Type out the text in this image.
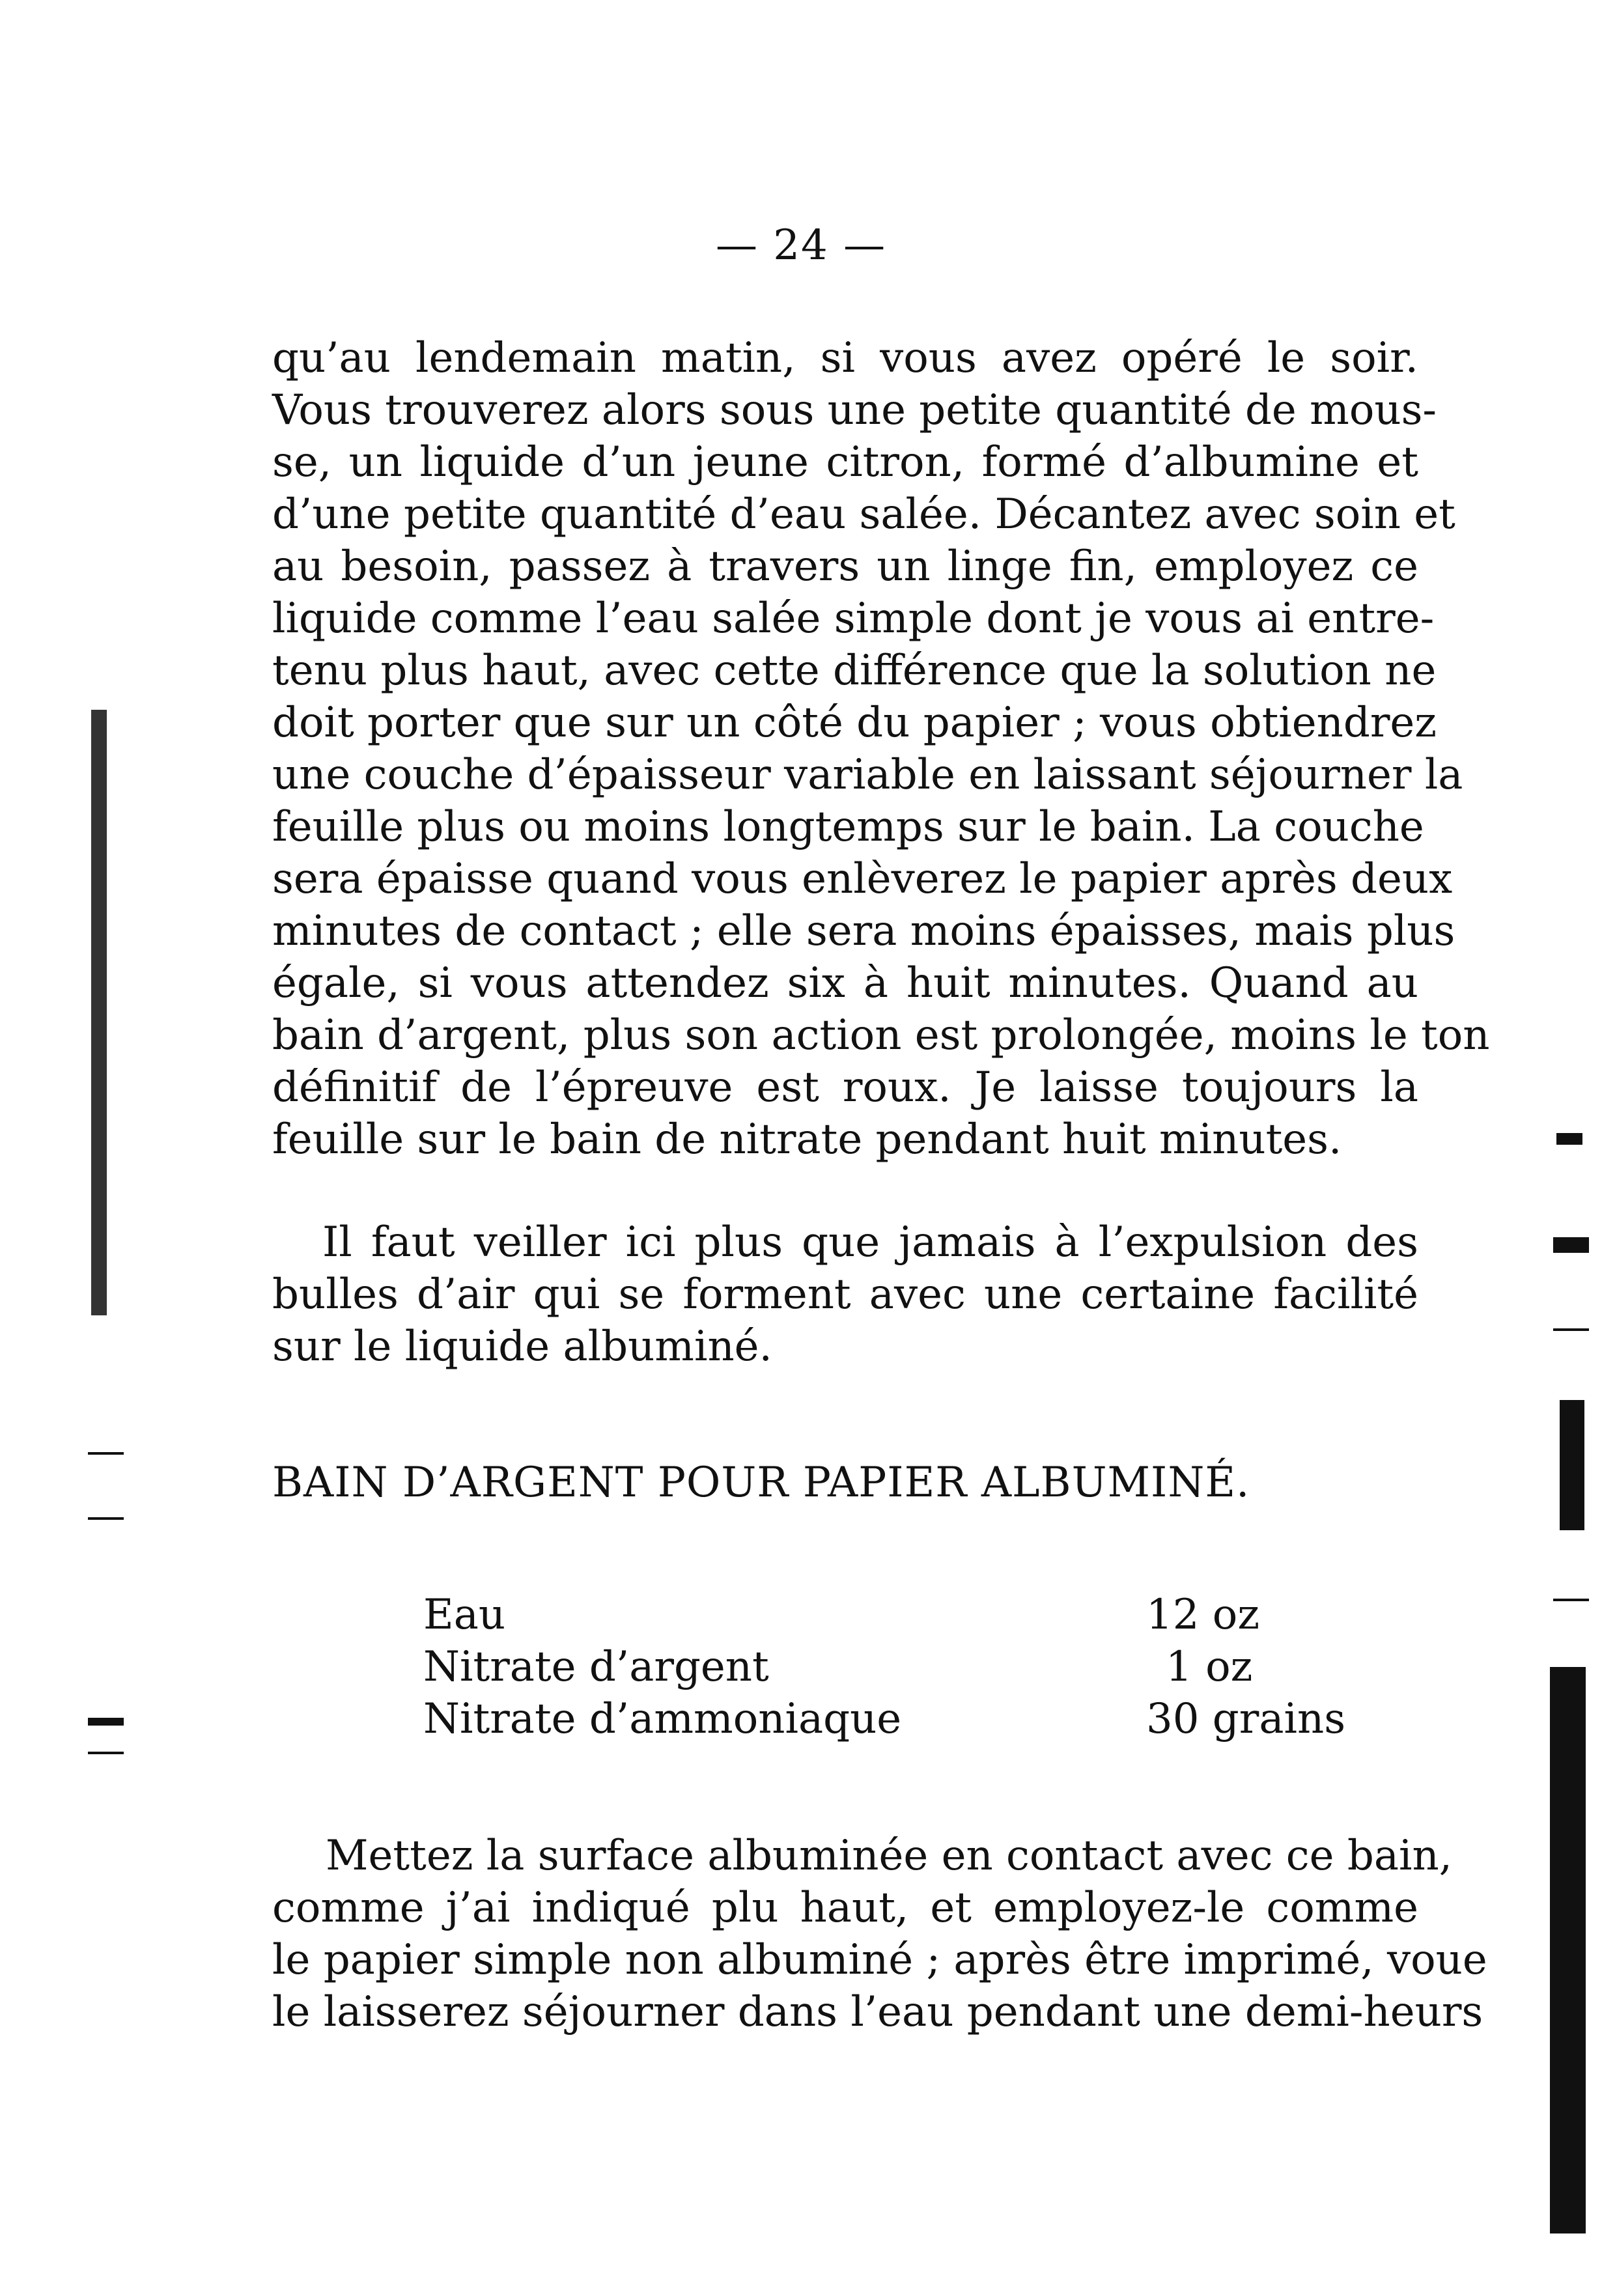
— 24 —
qu’au lendemain matin, si vous avez opéré le soir.
Vous trouverez alors sous une petite quantité de mous-
se, un liquide d’un jeune citron, formé d’albumine et
d’une petite quantité d’eau salée. Décantez avec soin et
au besoin, passez à travers un linge fin, employez ce
liquide comme l’eau salée simple dont je vous ai entre-
tenu plus haut, avec cette différence que la solution ne
doit porter que sur un côté du papier ; vous obtiendrez
une couche d’épaisseur variable en laissant séjourner la
feuille plus ou moins longtemps sur le bain. La couche
sera épaisse quand vous enlèverez le papier après deux
minutes de contact ; elle sera moins épaisses, mais plus
égale, si vous attendez six à huit minutes. Quand au
bain d’argent, plus son action est prolongée, moins le ton
définitif de l’épreuve est roux. Je laisse toujours la
feuille sur le bain de nitrate pendant huit minutes.
Il faut veiller ici plus que jamais à l’expulsion des
bulles d’air qui se forment avec une certaine facilité
sur le liquide albuminé.
BAIN D’ARGENT POUR PAPIER ALBUMINÉ.
Eau	12 oz
Nitrate d’argent	1 oz
Nitrate d’ammoniaque	30 grains
Mettez la surface albuminée en contact avec ce bain,
comme j’ai indiqué plu haut, et employez-le comme
le papier simple non albuminé ; après être imprimé, voue
le laisserez séjourner dans l’eau pendant une demi-heurs
